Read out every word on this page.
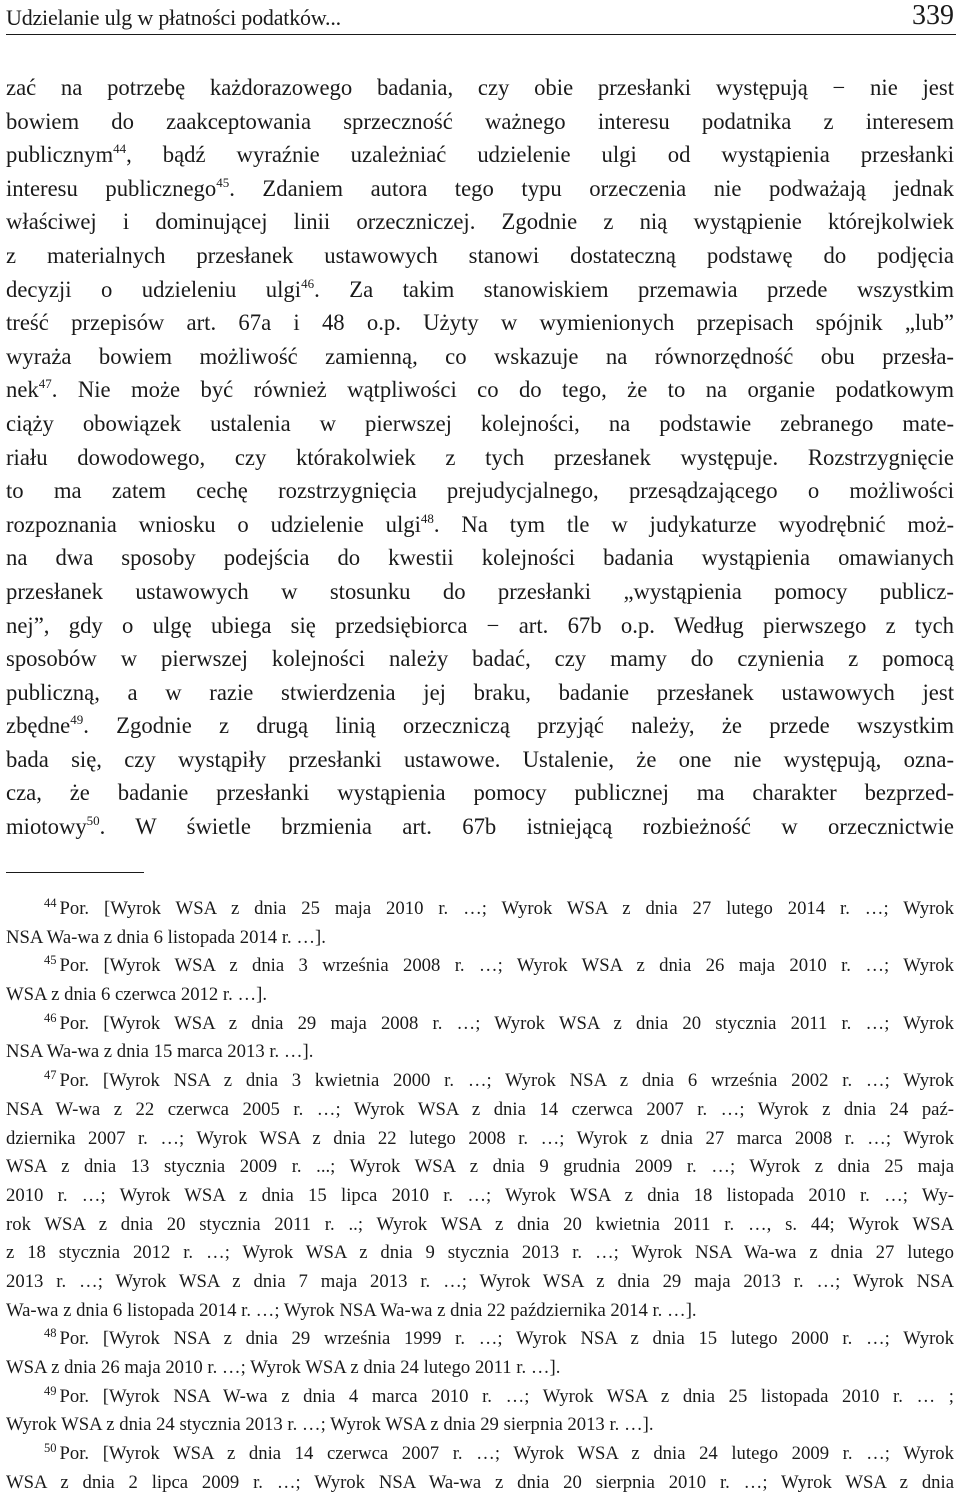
Udzielanie ulg w płatności podatków...	339
zać na potrzebę każdorazowego badania, czy obie przesłanki występują − nie jest
bowiem do zaakceptowania sprzeczność ważnego interesu podatnika z interesem
publicznym$^{44}$, bądź wyraźnie uzależniać udzielenie ulgi od wystąpienia przesłanki
interesu publicznego$^{45}$. Zdaniem autora tego typu orzeczenia nie podważają jednak
właściwej i dominującej linii orzeczniczej. Zgodnie z nią wystąpienie którejkolwiek
z materialnych przesłanek ustawowych stanowi dostateczną podstawę do podjęcia
decyzji o udzieleniu ulgi$^{46}$. Za takim stanowiskiem przemawia przede wszystkim
treść przepisów art. 67a i 48 o.p. Użyty w wymienionych przepisach spójnik „lub”
wyraża bowiem możliwość zamienną, co wskazuje na równorzędność obu przesła-
nek$^{47}$. Nie może być również wątpliwości co do tego, że to na organie podatkowym
ciąży obowiązek ustalenia w pierwszej kolejności, na podstawie zebranego mate-
riału dowodowego, czy którakolwiek z tych przesłanek występuje. Rozstrzygnięcie
to ma zatem cechę rozstrzygnięcia prejudycjalnego, przesądzającego o możliwości
rozpoznania wniosku o udzielenie ulgi$^{48}$. Na tym tle w judykaturze wyodrębnić moż-
na dwa sposoby podejścia do kwestii kolejności badania wystąpienia omawianych
przesłanek ustawowych w stosunku do przesłanki „wystąpienia pomocy publicz-
nej”, gdy o ulgę ubiega się przedsiębiorca − art. 67b o.p. Według pierwszego z tych
sposobów w pierwszej kolejności należy badać, czy mamy do czynienia z pomocą
publiczną, a w razie stwierdzenia jej braku, badanie przesłanek ustawowych jest
zbędne$^{49}$. Zgodnie z drugą linią orzeczniczą przyjąć należy, że przede wszystkim
bada się, czy wystąpiły przesłanki ustawowe. Ustalenie, że one nie występują, ozna-
cza, że badanie przesłanki wystąpienia pomocy publicznej ma charakter bezprzed-
miotowy$^{50}$. W świetle brzmienia art. 67b istniejącą rozbieżność w orzecznictwie
$^{44}$ Por. [Wyrok WSA z dnia 25 maja 2010 r. …; Wyrok WSA z dnia 27 lutego 2014 r. …; Wyrok
NSA Wa-wa z dnia 6 listopada 2014 r. …].
$^{45}$ Por. [Wyrok WSA z dnia 3 września 2008 r. …; Wyrok WSA z dnia 26 maja 2010 r. …; Wyrok
WSA z dnia 6 czerwca 2012 r. …].
$^{46}$ Por. [Wyrok WSA z dnia 29 maja 2008 r. …; Wyrok WSA z dnia 20 stycznia 2011 r. …; Wyrok
NSA Wa-wa z dnia 15 marca 2013 r. …].
$^{47}$ Por. [Wyrok NSA z dnia 3 kwietnia 2000 r. …; Wyrok NSA z dnia 6 września 2002 r. …; Wyrok
NSA W-wa z 22 czerwca 2005 r. …; Wyrok WSA z dnia 14 czerwca 2007 r. …; Wyrok z dnia 24 paź-
dziernika 2007 r. …; Wyrok WSA z dnia 22 lutego 2008 r. …; Wyrok z dnia 27 marca 2008 r. …; Wyrok
WSA z dnia 13 stycznia 2009 r. ...; Wyrok WSA z dnia 9 grudnia 2009 r. …; Wyrok z dnia 25 maja
2010 r. …; Wyrok WSA z dnia 15 lipca 2010 r. …; Wyrok WSA z dnia 18 listopada 2010 r. …; Wy-
rok WSA z dnia 20 stycznia 2011 r. ..; Wyrok WSA z dnia 20 kwietnia 2011 r. …, s. 44; Wyrok WSA
z 18 stycznia 2012 r. …; Wyrok WSA z dnia 9 stycznia 2013 r. …; Wyrok NSA Wa-wa z dnia 27 lutego
2013 r. …; Wyrok WSA z dnia 7 maja 2013 r. …; Wyrok WSA z dnia 29 maja 2013 r. …; Wyrok NSA
Wa-wa z dnia 6 listopada 2014 r. …; Wyrok NSA Wa-wa z dnia 22 października 2014 r. …].
$^{48}$ Por. [Wyrok NSA z dnia 29 września 1999 r. …; Wyrok NSA z dnia 15 lutego 2000 r. …; Wyrok
WSA z dnia 26 maja 2010 r. …; Wyrok WSA z dnia 24 lutego 2011 r. …].
$^{49}$ Por. [Wyrok NSA W-wa z dnia 4 marca 2010 r. …; Wyrok WSA z dnia 25 listopada 2010 r. … ;
Wyrok WSA z dnia 24 stycznia 2013 r. …; Wyrok WSA z dnia 29 sierpnia 2013 r. …].
$^{50}$ Por. [Wyrok WSA z dnia 14 czerwca 2007 r. …; Wyrok WSA z dnia 24 lutego 2009 r. …; Wyrok
WSA z dnia 2 lipca 2009 r. …; Wyrok NSA Wa-wa z dnia 20 sierpnia 2010 r. …; Wyrok WSA z dnia
